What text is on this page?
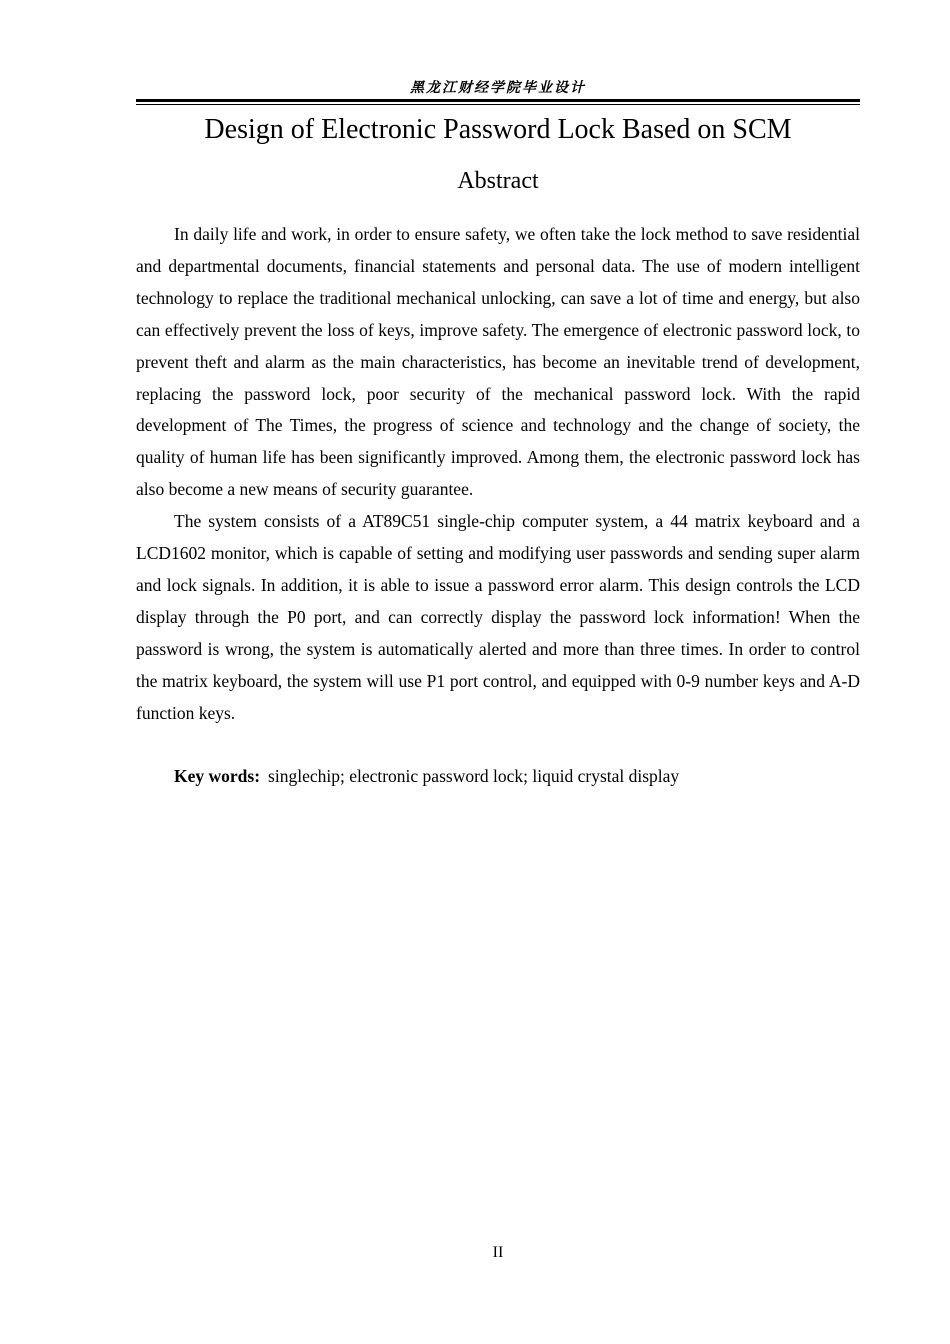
黑龙江财经学院毕业设计
Design of Electronic Password Lock Based on SCM
Abstract

In daily life and work, in order to ensure safety, we often take the lock method to save residential and departmental documents, financial statements and personal data. The use of modern intelligent technology to replace the traditional mechanical unlocking, can save a lot of time and energy, but also can effectively prevent the loss of keys, improve safety. The emergence of electronic password lock, to prevent theft and alarm as the main characteristics, has become an inevitable trend of development, replacing the password lock, poor security of the mechanical password lock. With the rapid development of The Times, the progress of science and technology and the change of society, the quality of human life has been significantly improved. Among them, the electronic password lock has also become a new means of security guarantee.

The system consists of a AT89C51 single-chip computer system, a 44 matrix keyboard and a LCD1602 monitor, which is capable of setting and modifying user passwords and sending super alarm and lock signals. In addition, it is able to issue a password error alarm. This design controls the LCD display through the P0 port, and can correctly display the password lock information! When the password is wrong, the system is automatically alerted and more than three times. In order to control the matrix keyboard, the system will use P1 port control, and equipped with 0-9 number keys and A-D function keys.

Key words: singlechip; electronic password lock; liquid crystal display
II
